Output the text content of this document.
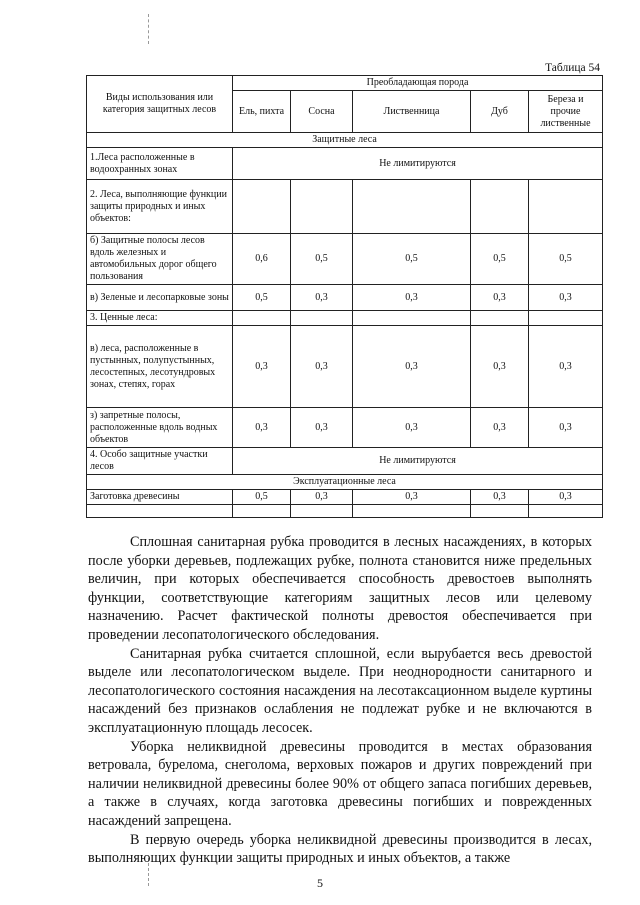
Таблица 54
Виды использования или категория защитных лесов	Преобладающая порода				
	Ель, пихта	Сосна	Лиственница	Дуб	Береза и прочие лиственные
Защитные леса					
1.Леса расположенные в водоохранных зонах	Не лимитируются				
2. Леса, выполняющие функции защиты природных и иных объектов:					
б) Защитные полосы лесов вдоль железных и автомобильных дорог общего пользования	0,6	0,5	0,5	0,5	0,5
в) Зеленые и лесопарковые зоны	0,5	0,3	0,3	0,3	0,3
3. Ценные леса:					
в) леса, расположенные в пустынных, полупустынных, лесостепных, лесотундровых зонах, степях, горах	0,3	0,3	0,3	0,3	0,3
з) запретные полосы, расположенные вдоль водных объектов	0,3	0,3	0,3	0,3	0,3
4. Особо защитные участки лесов	Не лимитируются				
Эксплуатационные леса					
Заготовка древесины	0,5	0,3	0,3	0,3	0,3

Сплошная санитарная рубка проводится в лесных насаждениях, в которых после уборки деревьев, подлежащих рубке, полнота становится ниже предельных величин, при которых обеспечивается способность древостоев выполнять функции, соответствующие категориям защитных лесов или целевому назначению. Расчет фактической полноты древостоя обеспечивается при проведении лесопатологического обследования.

Санитарная рубка считается сплошной, если вырубается весь древостой выделе или лесопатологическом выделе. При неоднородности санитарного и лесопатологического состояния насаждения на лесотаксационном выделе куртины насаждений без признаков ослабления не подлежат рубке и не включаются в эксплуатационную площадь лесосек.

Уборка неликвидной древесины проводится в местах образования ветровала, бурелома, снеголома, верховых пожаров и других повреждений при наличии неликвидной древесины более 90% от общего запаса погибших деревьев, а также в случаях, когда заготовка древесины погибших и поврежденных насаждений запрещена.

В первую очередь уборка неликвидной древесины производится в лесах, выполняющих функции защиты природных и иных объектов, а также

5
